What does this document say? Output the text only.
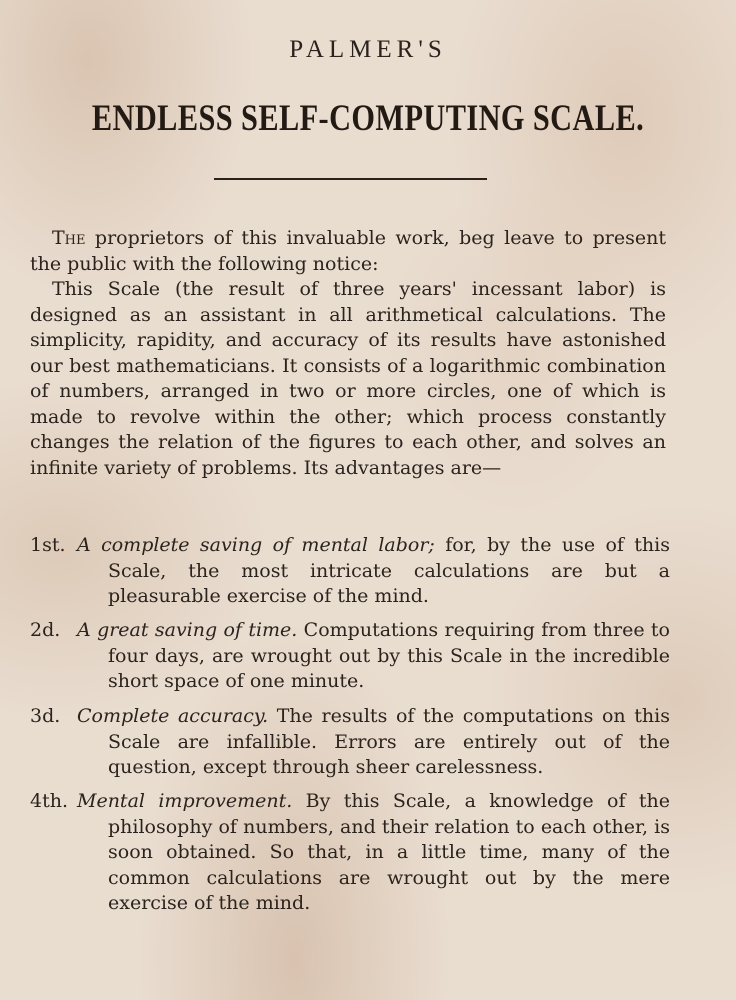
PALMER'S
ENDLESS SELF-COMPUTING SCALE.

The proprietors of this invaluable work, beg leave to present the public with the following notice:

This Scale (the result of three years' incessant labor) is designed as an assistant in all arithmetical calculations. The simplicity, rapidity, and accuracy of its results have astonished our best mathematicians. It consists of a logarithmic combination of numbers, arranged in two or more circles, one of which is made to revolve within the other; which process constantly changes the relation of the figures to each other, and solves an infinite variety of problems. Its advantages are—

1st. A complete saving of mental labor; for, by the use of this Scale, the most intricate calculations are but a pleasurable exercise of the mind.
2d. A great saving of time. Computations requiring from three to four days, are wrought out by this Scale in the incredible short space of one minute.
3d. Complete accuracy. The results of the computations on this Scale are infallible. Errors are entirely out of the question, except through sheer carelessness.
4th. Mental improvement. By this Scale, a knowledge of the philosophy of numbers, and their relation to each other, is soon obtained. So that, in a little time, many of the common calculations are wrought out by the mere exercise of the mind.
